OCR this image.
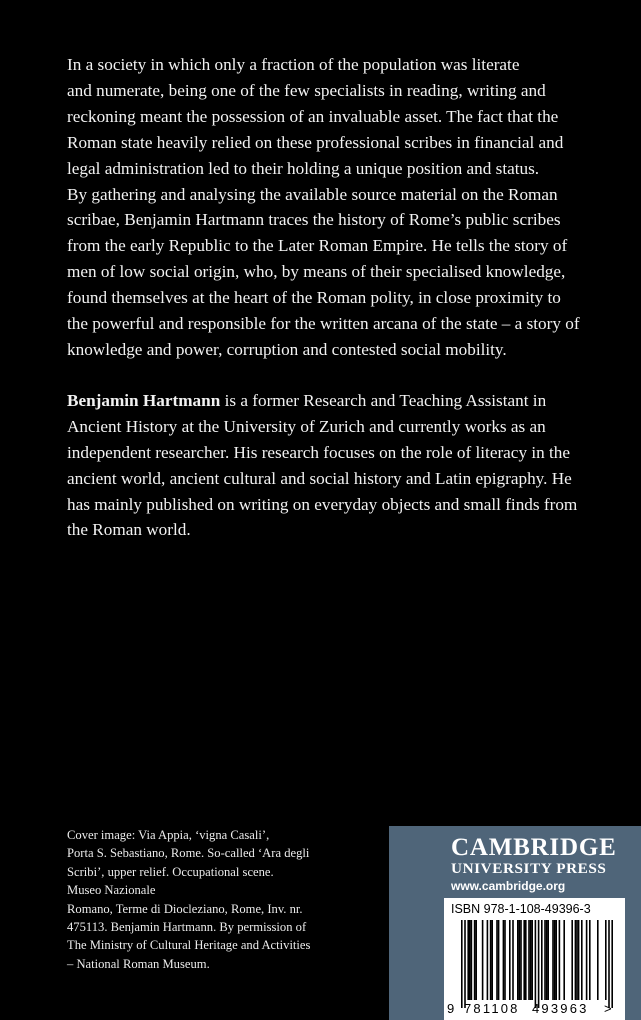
In a society in which only a fraction of the population was literate
and numerate, being one of the few specialists in reading, writing and
reckoning meant the possession of an invaluable asset. The fact that the
Roman state heavily relied on these professional scribes in financial and
legal administration led to their holding a unique position and status.
By gathering and analysing the available source material on the Roman
scribae, Benjamin Hartmann traces the history of Rome’s public scribes
from the early Republic to the Later Roman Empire. He tells the story of
men of low social origin, who, by means of their specialised knowledge,
found themselves at the heart of the Roman polity, in close proximity to
the powerful and responsible for the written arcana of the state – a story of
knowledge and power, corruption and contested social mobility.

Benjamin Hartmann is a former Research and Teaching Assistant in
Ancient History at the University of Zurich and currently works as an
independent researcher. His research focuses on the role of literacy in the
ancient world, ancient cultural and social history and Latin epigraphy. He
has mainly published on writing on everyday objects and small finds from
the Roman world.

Cover image: Via Appia, ‘vigna Casali’,
Porta S. Sebastiano, Rome. So-called ‘Ara degli
Scribi’, upper relief. Occupational scene.
Museo Nazionale
Romano, Terme di Diocleziano, Rome, Inv. nr.
475113. Benjamin Hartmann. By permission of
The Ministry of Cultural Heritage and Activities
– National Roman Museum.
CAMBRIDGE
UNIVERSITY PRESS
www.cambridge.org
ISBN 978-1-108-49396-3
9 781108 493963 >
